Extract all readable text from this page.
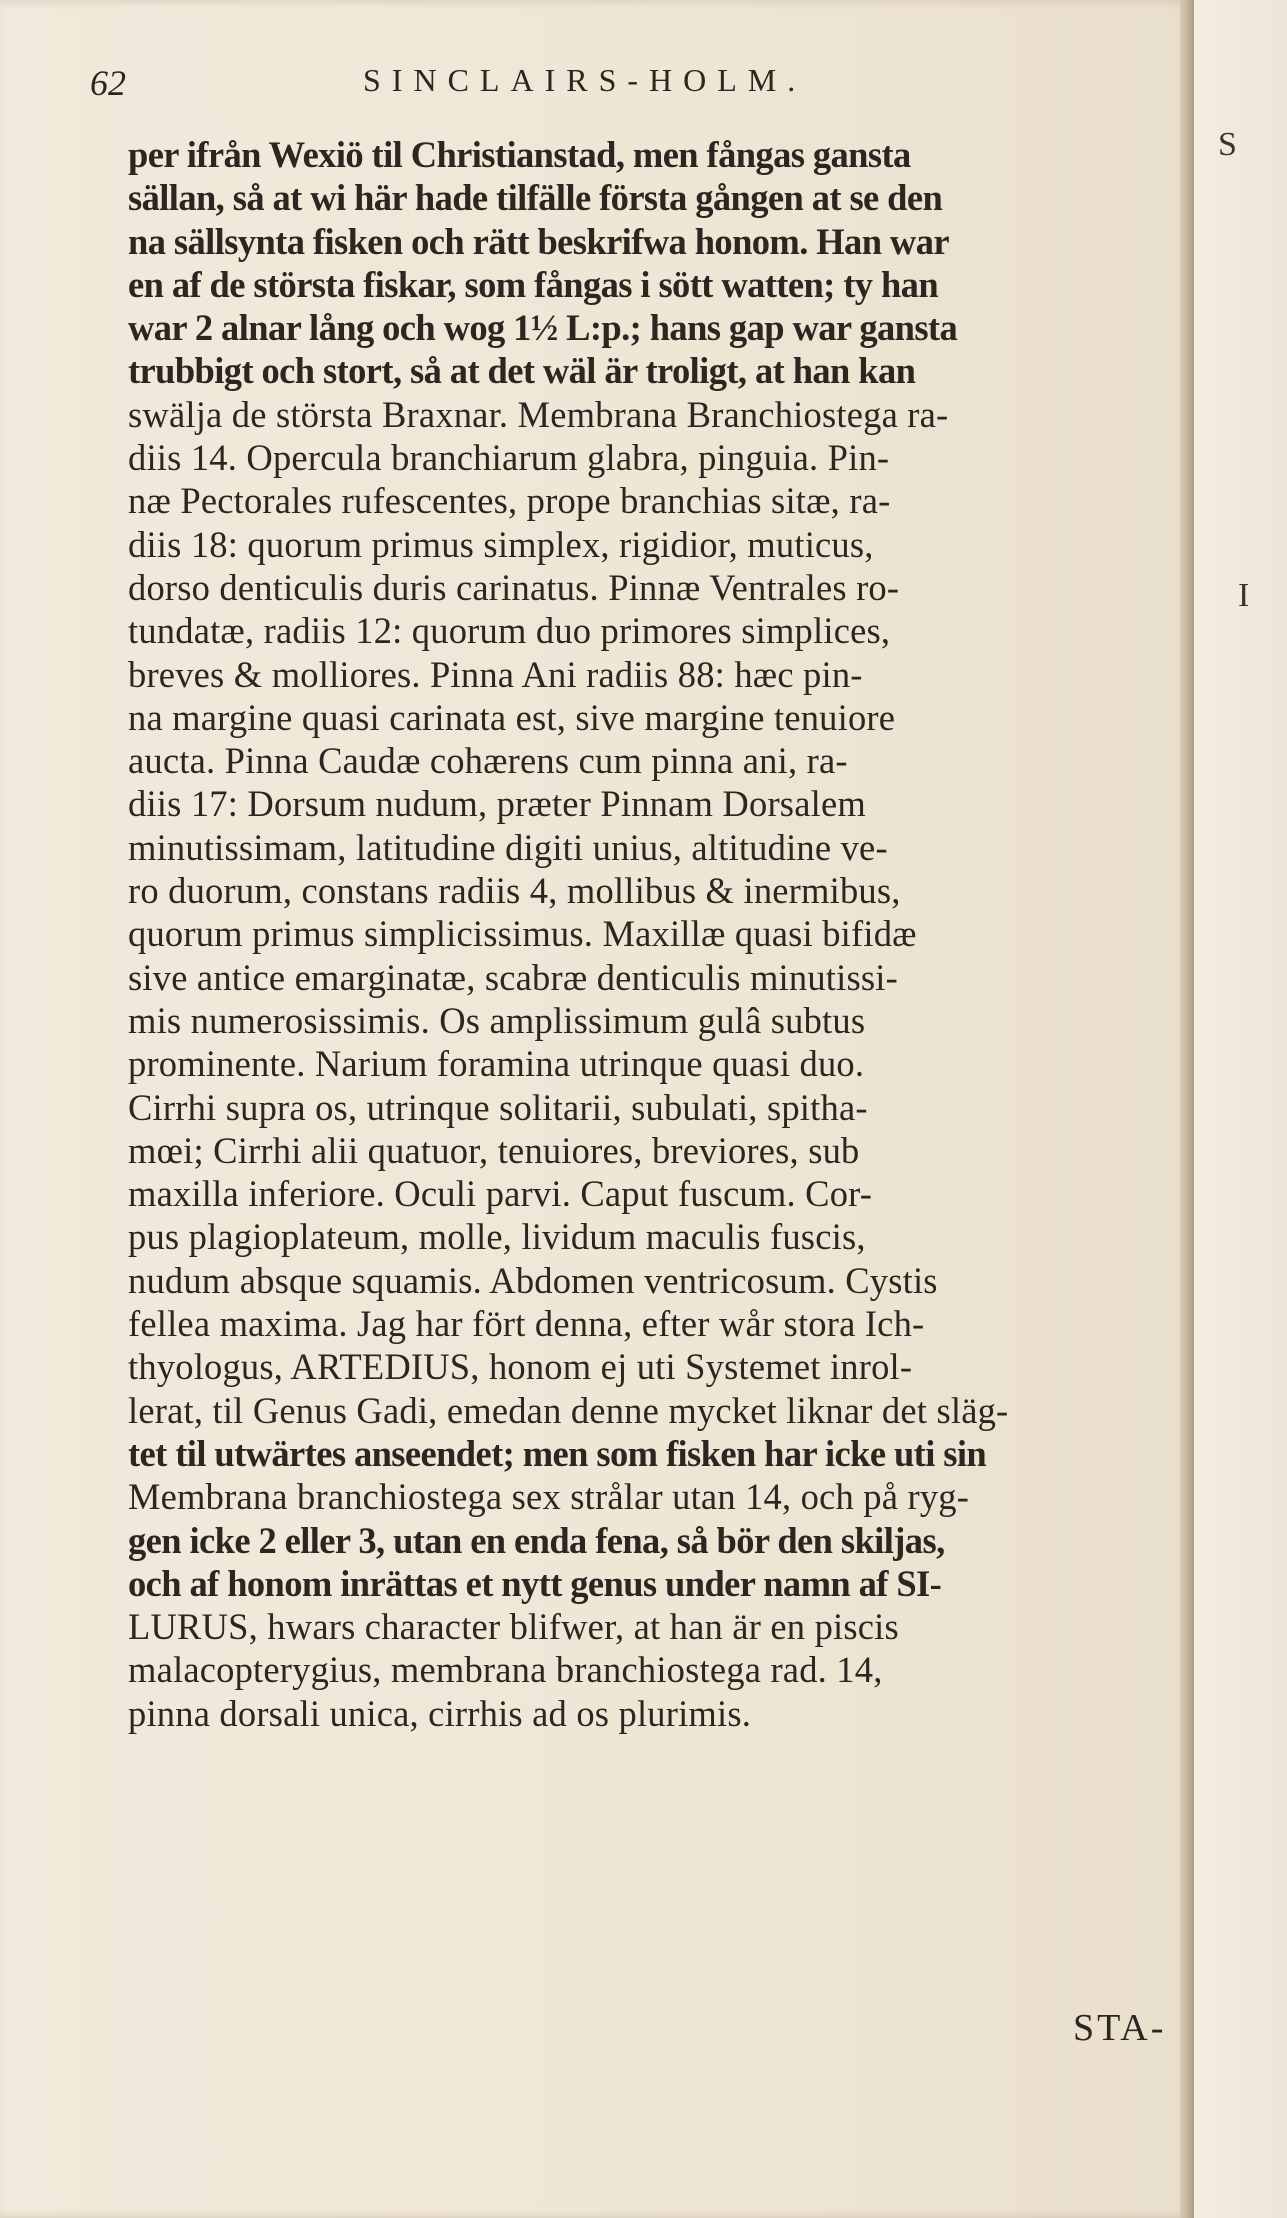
62	SINCLAIRS-HOLM.
per ifrån Wexiö til Christianstad, men fångas gansta
sällan, så at wi här hade tilfälle första gången at se den
na sällsynta fisken och rätt beskrifwa honom. Han war
en af de största fiskar, som fångas i sött watten; ty han
war 2 alnar lång och wog 1½ L:p.; hans gap war gansta
trubbigt och stort, så at det wäl är troligt, at han kan
swälja de största Braxnar. Membrana Branchiostega ra-
diis 14. Opercula branchiarum glabra, pinguia. Pin-
næ Pectorales rufescentes, prope branchias sitæ, ra-
diis 18: quorum primus simplex, rigidior, muticus,
dorso denticulis duris carinatus. Pinnæ Ventrales ro-
tundatæ, radiis 12: quorum duo primores simplices,
breves & molliores. Pinna Ani radiis 88: hæc pin-
na margine quasi carinata est, sive margine tenuiore
aucta. Pinna Caudæ cohærens cum pinna ani, ra-
diis 17: Dorsum nudum, præter Pinnam Dorsalem
minutissimam, latitudine digiti unius, altitudine ve-
ro duorum, constans radiis 4, mollibus & inermibus,
quorum primus simplicissimus. Maxillæ quasi bifidæ
sive antice emarginatæ, scabræ denticulis minutissi-
mis numerosissimis. Os amplissimum gulâ subtus
prominente. Narium foramina utrinque quasi duo.
Cirrhi supra os, utrinque solitarii, subulati, spitha-
mœi; Cirrhi alii quatuor, tenuiores, breviores, sub
maxilla inferiore. Oculi parvi. Caput fuscum. Cor-
pus plagioplateum, molle, lividum maculis fuscis,
nudum absque squamis. Abdomen ventricosum. Cystis
fellea maxima. Jag har fört denna, efter wår stora Ich-
thyologus, ARTEDIUS, honom ej uti Systemet inrol-
lerat, til Genus Gadi, emedan denne mycket liknar det släg-
tet til utwärtes anseendet; men som fisken har icke uti sin
Membrana branchiostega sex strålar utan 14, och på ryg-
gen icke 2 eller 3, utan en enda fena, så bör den skiljas,
och af honom inrättas et nytt genus under namn af SI-
LURUS, hwars character blifwer, at han är en piscis
malacopterygius, membrana branchiostega rad. 14,
pinna dorsali unica, cirrhis ad os plurimis.
STA-
S
I
